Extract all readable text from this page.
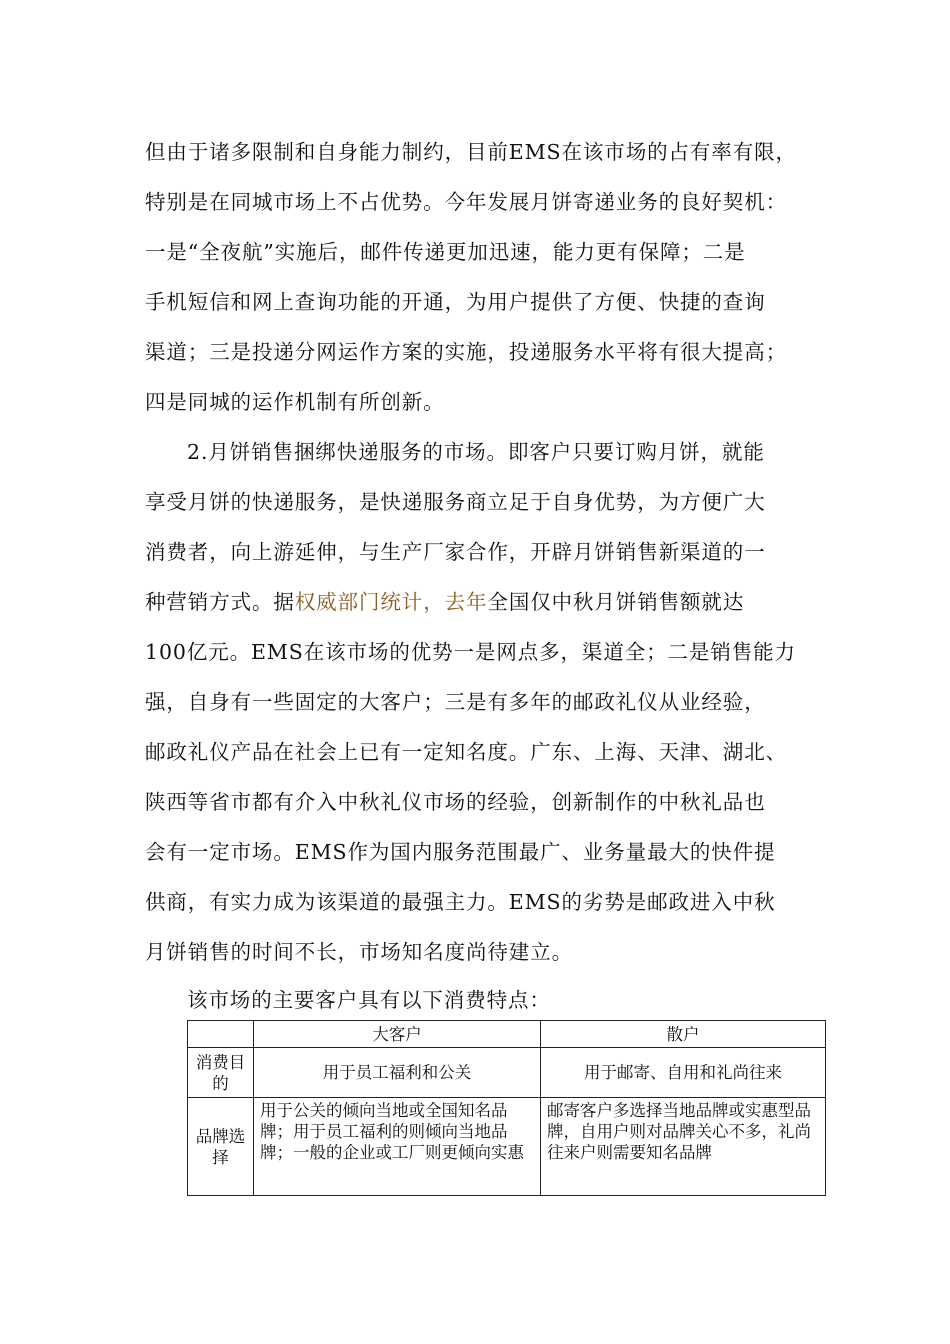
但由于诸多限制和自身能力制约，目前EMS在该市场的占有率有限，
特别是在同城市场上不占优势。今年发展月饼寄递业务的良好契机：
一是“全夜航”实施后，邮件传递更加迅速，能力更有保障；二是
手机短信和网上查询功能的开通，为用户提供了方便、快捷的查询
渠道；三是投递分网运作方案的实施，投递服务水平将有很大提高；
四是同城的运作机制有所创新。
2.月饼销售捆绑快递服务的市场。即客户只要订购月饼，就能
享受月饼的快递服务，是快递服务商立足于自身优势，为方便广大
消费者，向上游延伸，与生产厂家合作，开辟月饼销售新渠道的一
种营销方式。据权威部门统计，去年全国仅中秋月饼销售额就达
100亿元。EMS在该市场的优势一是网点多，渠道全；二是销售能力
强，自身有一些固定的大客户；三是有多年的邮政礼仪从业经验，
邮政礼仪产品在社会上已有一定知名度。广东、上海、天津、湖北、
陕西等省市都有介入中秋礼仪市场的经验，创新制作的中秋礼品也
会有一定市场。EMS作为国内服务范围最广、业务量最大的快件提
供商，有实力成为该渠道的最强主力。EMS的劣势是邮政进入中秋
月饼销售的时间不长，市场知名度尚待建立。
该市场的主要客户具有以下消费特点：
	大客户	散户
消费目的	用于员工福利和公关	用于邮寄、自用和礼尚往来
品牌选择	用于公关的倾向当地或全国知名品牌；用于员工福利的则倾向当地品牌；一般的企业或工厂则更倾向实惠	邮寄客户多选择当地品牌或实惠型品牌，自用户则对品牌关心不多，礼尚往来户则需要知名品牌
